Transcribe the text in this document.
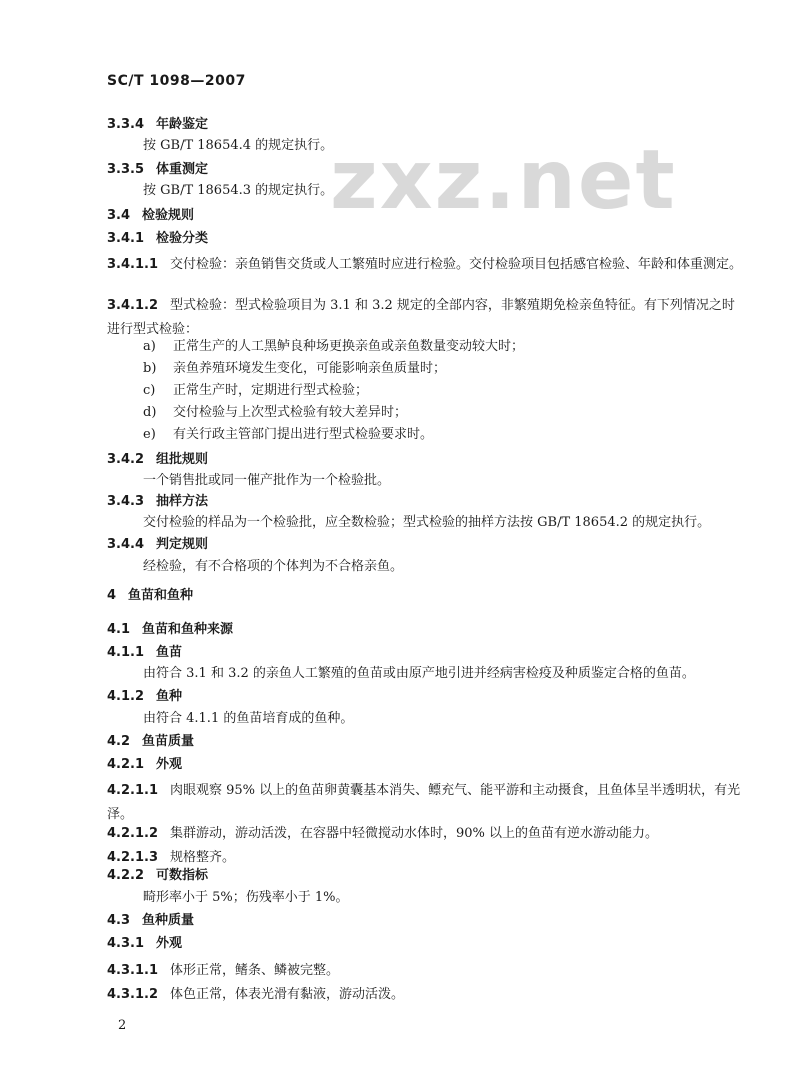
SC/T 1098—2007
zxz.net
3.3.4 年龄鉴定
按 GB/T 18654.4 的规定执行。
3.3.5 体重测定
按 GB/T 18654.3 的规定执行。
3.4 检验规则
3.4.1 检验分类
3.4.1.1 交付检验：亲鱼销售交货或人工繁殖时应进行检验。交付检验项目包括感官检验、年龄和体重测定。
3.4.1.2 型式检验：型式检验项目为 3.1 和 3.2 规定的全部内容，非繁殖期免检亲鱼特征。有下列情况之时进行型式检验：
a) 正常生产的人工黑鲈良种场更换亲鱼或亲鱼数量变动较大时；
b) 亲鱼养殖环境发生变化，可能影响亲鱼质量时；
c) 正常生产时，定期进行型式检验；
d) 交付检验与上次型式检验有较大差异时；
e) 有关行政主管部门提出进行型式检验要求时。
3.4.2 组批规则
一个销售批或同一催产批作为一个检验批。
3.4.3 抽样方法
交付检验的样品为一个检验批，应全数检验；型式检验的抽样方法按 GB/T 18654.2 的规定执行。
3.4.4 判定规则
经检验，有不合格项的个体判为不合格亲鱼。
4 鱼苗和鱼种
4.1 鱼苗和鱼种来源
4.1.1 鱼苗
由符合 3.1 和 3.2 的亲鱼人工繁殖的鱼苗或由原产地引进并经病害检疫及种质鉴定合格的鱼苗。
4.1.2 鱼种
由符合 4.1.1 的鱼苗培育成的鱼种。
4.2 鱼苗质量
4.2.1 外观
4.2.1.1 肉眼观察 95% 以上的鱼苗卵黄囊基本消失、鳔充气、能平游和主动摄食，且鱼体呈半透明状，有光泽。
4.2.1.2 集群游动，游动活泼，在容器中轻微搅动水体时，90% 以上的鱼苗有逆水游动能力。
4.2.1.3 规格整齐。
4.2.2 可数指标
畸形率小于 5%；伤残率小于 1%。
4.3 鱼种质量
4.3.1 外观
4.3.1.1 体形正常，鳍条、鳞被完整。
4.3.1.2 体色正常，体表光滑有黏液，游动活泼。
2
